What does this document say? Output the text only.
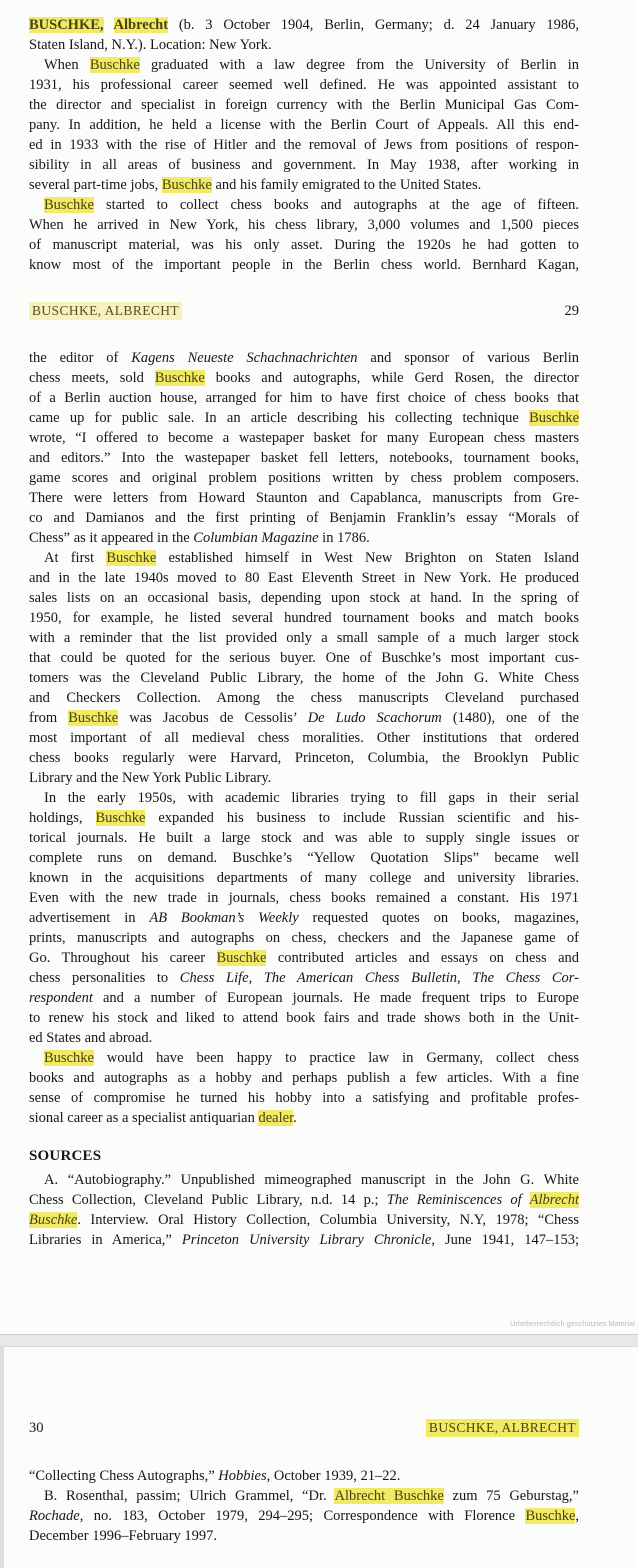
BUSCHKE, Albrecht (b. 3 October 1904, Berlin, Germany; d. 24 January 1986,
Staten Island, N.Y.). Location: New York.
When Buschke graduated with a law degree from the University of Berlin in
1931, his professional career seemed well defined. He was appointed assistant to
the director and specialist in foreign currency with the Berlin Municipal Gas Com-
pany. In addition, he held a license with the Berlin Court of Appeals. All this end-
ed in 1933 with the rise of Hitler and the removal of Jews from positions of respon-
sibility in all areas of business and government. In May 1938, after working in
several part-time jobs, Buschke and his family emigrated to the United States.
Buschke started to collect chess books and autographs at the age of fifteen.
When he arrived in New York, his chess library, 3,000 volumes and 1,500 pieces
of manuscript material, was his only asset. During the 1920s he had gotten to
know most of the important people in the Berlin chess world. Bernhard Kagan,
BUSCHKE, ALBRECHT	29
the editor of Kagens Neueste Schachnachrichten and sponsor of various Berlin
chess meets, sold Buschke books and autographs, while Gerd Rosen, the director
of a Berlin auction house, arranged for him to have first choice of chess books that
came up for public sale. In an article describing his collecting technique Buschke
wrote, “I offered to become a wastepaper basket for many European chess masters
and editors.” Into the wastepaper basket fell letters, notebooks, tournament books,
game scores and original problem positions written by chess problem composers.
There were letters from Howard Staunton and Capablanca, manuscripts from Gre-
co and Damianos and the first printing of Benjamin Franklin’s essay “Morals of
Chess” as it appeared in the Columbian Magazine in 1786.
At first Buschke established himself in West New Brighton on Staten Island
and in the late 1940s moved to 80 East Eleventh Street in New York. He produced
sales lists on an occasional basis, depending upon stock at hand. In the spring of
1950, for example, he listed several hundred tournament books and match books
with a reminder that the list provided only a small sample of a much larger stock
that could be quoted for the serious buyer. One of Buschke’s most important cus-
tomers was the Cleveland Public Library, the home of the John G. White Chess
and Checkers Collection. Among the chess manuscripts Cleveland purchased
from Buschke was Jacobus de Cessolis’ De Ludo Scachorum (1480), one of the
most important of all medieval chess moralities. Other institutions that ordered
chess books regularly were Harvard, Princeton, Columbia, the Brooklyn Public
Library and the New York Public Library.
In the early 1950s, with academic libraries trying to fill gaps in their serial
holdings, Buschke expanded his business to include Russian scientific and his-
torical journals. He built a large stock and was able to supply single issues or
complete runs on demand. Buschke’s “Yellow Quotation Slips” became well
known in the acquisitions departments of many college and university libraries.
Even with the new trade in journals, chess books remained a constant. His 1971
advertisement in AB Bookman’s Weekly requested quotes on books, magazines,
prints, manuscripts and autographs on chess, checkers and the Japanese game of
Go. Throughout his career Buschke contributed articles and essays on chess and
chess personalities to Chess Life, The American Chess Bulletin, The Chess Cor-
respondent and a number of European journals. He made frequent trips to Europe
to renew his stock and liked to attend book fairs and trade shows both in the Unit-
ed States and abroad.
Buschke would have been happy to practice law in Germany, collect chess
books and autographs as a hobby and perhaps publish a few articles. With a fine
sense of compromise he turned his hobby into a satisfying and profitable profes-
sional career as a specialist antiquarian dealer.
SOURCES
A. “Autobiography.” Unpublished mimeographed manuscript in the John G. White
Chess Collection, Cleveland Public Library, n.d. 14 p.; The Reminiscences of Albrecht
Buschke. Interview. Oral History Collection, Columbia University, N.Y, 1978; “Chess
Libraries in America,” Princeton University Library Chronicle, June 1941, 147–153;
Urheberrechtlich geschütztes Material
30	BUSCHKE, ALBRECHT
“Collecting Chess Autographs,” Hobbies, October 1939, 21–22.
B. Rosenthal, passim; Ulrich Grammel, “Dr. Albrecht Buschke zum 75 Geburstag,”
Rochade, no. 183, October 1979, 294–295; Correspondence with Florence Buschke,
December 1996–February 1997.
